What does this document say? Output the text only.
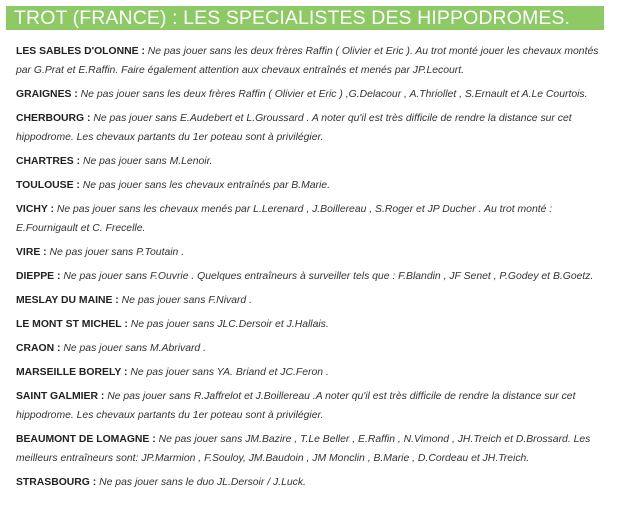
TROT (FRANCE) : LES SPECIALISTES DES HIPPODROMES.
LES SABLES D'OLONNE : Ne pas jouer sans les deux frères Raffin ( Olivier et Eric ). Au trot monté jouer les chevaux montés par G.Prat et E.Raffin. Faire également attention aux chevaux entraînés et menés par JP.Lecourt.
GRAIGNES : Ne pas jouer sans les deux frères Raffin ( Olivier et Eric ) ,G.Delacour , A.Thriollet , S.Ernault et A.Le Courtois.
CHERBOURG : Ne pas jouer sans E.Audebert et L.Groussard . A noter qu'il est très difficile de rendre la distance sur cet hippodrome. Les chevaux partants du 1er poteau sont à privilégier.
CHARTRES : Ne pas jouer sans M.Lenoir.
TOULOUSE : Ne pas jouer sans les chevaux entraînés par B.Marie.
VICHY : Ne pas jouer sans les chevaux menés par L.Lerenard , J.Boillereau , S.Roger et JP Ducher . Au trot monté : E.Fournigault et C. Frecelle.
VIRE : Ne pas jouer sans P.Toutain .
DIEPPE : Ne pas jouer sans F.Ouvrie . Quelques entraîneurs à surveiller tels que : F.Blandin , JF Senet , P.Godey et B.Goetz.
MESLAY DU MAINE : Ne pas jouer sans F.Nivard .
LE MONT ST MICHEL : Ne pas jouer sans JLC.Dersoir et J.Hallais.
CRAON : Ne pas jouer sans M.Abrivard .
MARSEILLE BORELY : Ne pas jouer sans YA. Briand et JC.Feron .
SAINT GALMIER : Ne pas jouer sans R.Jaffrelot et J.Boillereau .A noter qu'il est très difficile de rendre la distance sur cet hippodrome. Les chevaux partants du 1er poteau sont à privilégier.
BEAUMONT DE LOMAGNE : Ne pas jouer sans JM.Bazire , T.Le Beller , E.Raffin , N.Vimond , JH.Treich et D.Brossard. Les meilleurs entraîneurs sont: JP.Marmion , F.Souloy, JM.Baudoin , JM Monclin , B.Marie , D.Cordeau et JH.Treich.
STRASBOURG : Ne pas jouer sans le duo JL.Dersoir / J.Luck.
